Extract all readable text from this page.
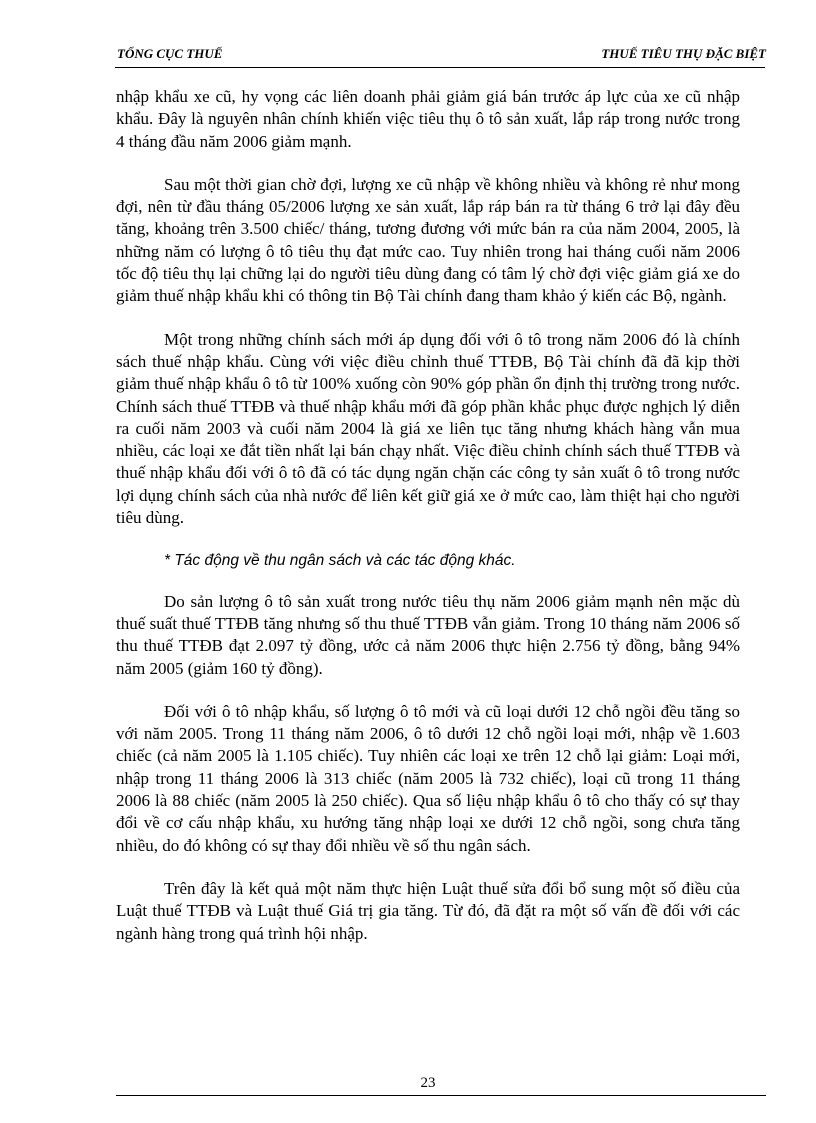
TỔNG CỤC THUẾ	THUẾ TIÊU THỤ ĐẶC BIỆT

nhập khẩu xe cũ, hy vọng các liên doanh phải giảm giá bán trước áp lực của xe cũ nhập khẩu. Đây là nguyên nhân chính khiến việc tiêu thụ ô tô sản xuất, lắp ráp trong nước trong 4 tháng đầu năm 2006 giảm mạnh.

Sau một thời gian chờ đợi, lượng xe cũ nhập về không nhiều và không rẻ như mong đợi, nên từ đầu tháng 05/2006 lượng xe sản xuất, lắp ráp bán ra từ tháng 6 trở lại đây đều tăng, khoảng trên 3.500 chiếc/ tháng, tương đương với mức bán ra của năm 2004, 2005, là những năm có lượng ô tô tiêu thụ đạt mức cao. Tuy nhiên trong hai tháng cuối năm 2006 tốc độ tiêu thụ lại chững lại do người tiêu dùng đang có tâm lý chờ đợi việc giảm giá xe do giảm thuế nhập khẩu khi có thông tin Bộ Tài chính đang tham khảo ý kiến các Bộ, ngành.

Một trong những chính sách mới áp dụng đối với ô tô trong năm 2006 đó là chính sách thuế nhập khẩu. Cùng với việc điều chỉnh thuế TTĐB, Bộ Tài chính đã đã kịp thời giảm thuế nhập khẩu ô tô từ 100% xuống còn 90% góp phần ổn định thị trường trong nước. Chính sách thuế TTĐB và thuế nhập khẩu mới đã góp phần khắc phục được nghịch lý diễn ra cuối năm 2003 và cuối năm 2004 là giá xe liên tục tăng nhưng khách hàng vẫn mua nhiều, các loại xe đắt tiền nhất lại bán chạy nhất. Việc điều chỉnh chính sách thuế TTĐB và thuế nhập khẩu đối với ô tô đã có tác dụng ngăn chặn các công ty sản xuất ô tô trong nước lợi dụng chính sách của nhà nước để liên kết giữ giá xe ở mức cao, làm thiệt hại cho người tiêu dùng.

* Tác động về thu ngân sách và các tác động khác.

Do sản lượng ô tô sản xuất trong nước tiêu thụ năm 2006 giảm mạnh nên mặc dù thuế suất thuế TTĐB tăng nhưng số thu thuế TTĐB vẫn giảm. Trong 10 tháng năm 2006 số thu thuế TTĐB đạt 2.097 tỷ đồng, ước cả năm 2006 thực hiện 2.756 tỷ đồng, bằng 94% năm 2005 (giảm 160 tỷ đồng).

Đối với ô tô nhập khẩu, số lượng ô tô mới và cũ loại dưới 12 chỗ ngồi đều tăng so với năm 2005. Trong 11 tháng năm 2006, ô tô dưới 12 chỗ ngồi loại mới, nhập về 1.603 chiếc (cả năm 2005 là 1.105 chiếc). Tuy nhiên các loại xe trên 12 chỗ lại giảm: Loại mới, nhập trong 11 tháng 2006 là 313 chiếc (năm 2005 là 732 chiếc), loại cũ trong 11 tháng 2006 là 88 chiếc (năm 2005 là 250 chiếc). Qua số liệu nhập khẩu ô tô cho thấy có sự thay đổi về cơ cấu nhập khẩu, xu hướng tăng nhập loại xe dưới 12 chỗ ngồi, song chưa tăng nhiều, do đó không có sự thay đổi nhiều về số thu ngân sách.

Trên đây là kết quả một năm thực hiện Luật thuế sửa đổi bổ sung một số điều của Luật thuế TTĐB và Luật thuế Giá trị gia tăng. Từ đó, đã đặt ra một số vấn đề đối với các ngành hàng trong quá trình hội nhập.

23
